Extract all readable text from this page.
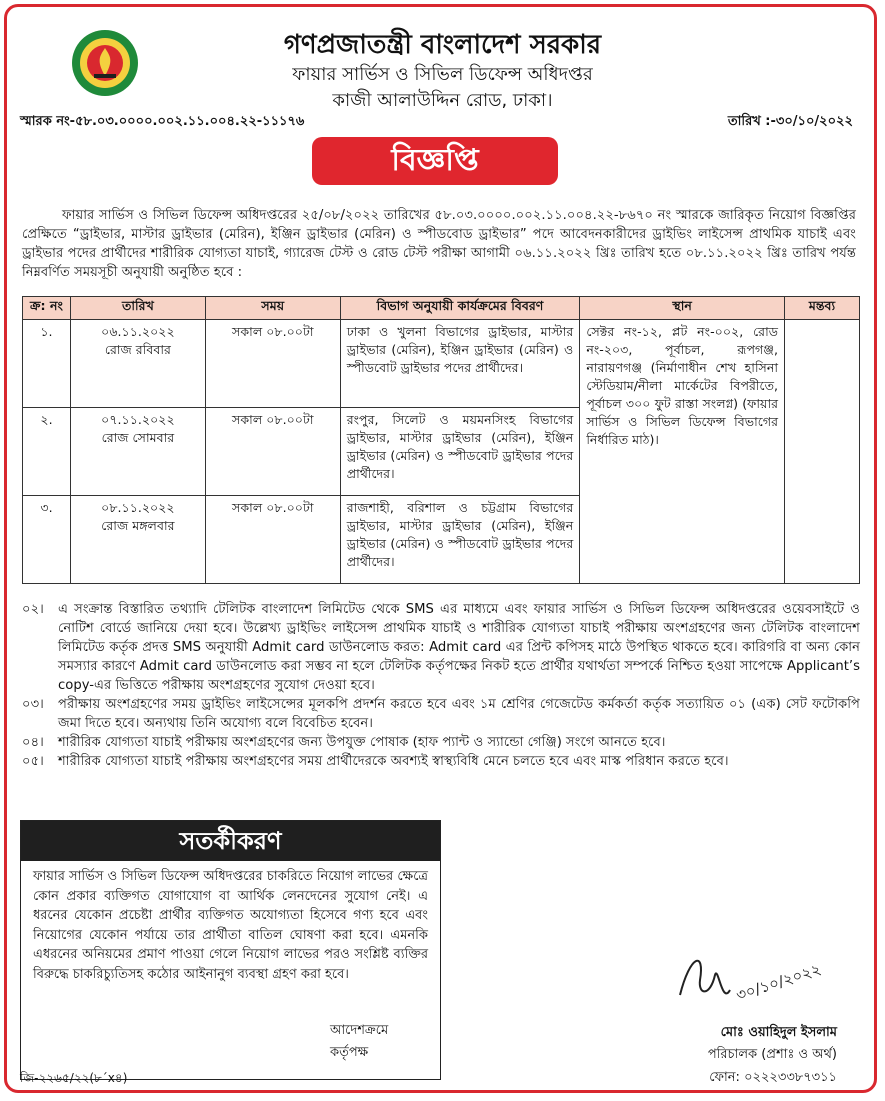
গণপ্রজাতন্ত্রী বাংলাদেশ সরকার
ফায়ার সার্ভিস ও সিভিল ডিফেন্স অধিদপ্তর
কাজী আলাউদ্দিন রোড, ঢাকা।
স্মারক নং-৫৮.০৩.০০০০.০০২.১১.০০৪.২২-১১১৭৬	তারিখ :-৩০/১০/২০২২
বিজ্ঞপ্তি
ফায়ার সার্ভিস ও সিভিল ডিফেন্স অধিদপ্তরের ২৫/০৮/২০২২ তারিখের ৫৮.০৩.০০০০.০০২.১১.০০৪.২২-৮৬৭০ নং স্মারকে জারিকৃত নিয়োগ বিজ্ঞপ্তির প্রেক্ষিতে “ড্রাইভার, মাস্টার ড্রাইভার (মেরিন), ইঞ্জিন ড্রাইভার (মেরিন) ও স্পীডবোড ড্রাইভার” পদে আবেদনকারীদের ড্রাইভিং লাইসেন্স প্রাথমিক যাচাই এবং ড্রাইভার পদের প্রার্থীদের শারীরিক যোগ্যতা যাচাই, গ্যারেজ টেস্ট ও রোড টেস্ট পরীক্ষা আগামী ০৬.১১.২০২২ খ্রিঃ তারিখ হতে ০৮.১১.২০২২ খ্রিঃ তারিখ পর্যন্ত নিম্নবর্ণিত সময়সূচী অনুযায়ী অনুষ্ঠিত হবে :
ক্র: নং	তারিখ	সময়	বিভাগ অনুযায়ী কার্যক্রমের বিবরণ	স্থান	মন্তব্য
১.	০৬.১১.২০২২
রোজ রবিবার	সকাল ০৮.০০টা	ঢাকা ও খুলনা বিভাগের ড্রাইভার, মাস্টার ড্রাইভার (মেরিন), ইঞ্জিন ড্রাইভার (মেরিন) ও স্পীডবোট ড্রাইভার পদের প্রার্থীদের।	সেক্টর নং-১২, প্লট নং-০০২, রোড নং-২০৩, পূর্বাচল, রূপগঞ্জ, নারায়ণগঞ্জ (নির্মাণাধীন শেখ হাসিনা স্টেডিয়াম/নীলা মার্কেটের বিপরীতে, পূর্বাচল ৩০০ ফুট রাস্তা সংলগ্ন) (ফায়ার সার্ভিস ও সিভিল ডিফেন্স বিভাগের নির্ধারিত মাঠ)।	
২.	০৭.১১.২০২২
রোজ সোমবার	সকাল ০৮.০০টা	রংপুর, সিলেট ও ময়মনসিংহ বিভাগের ড্রাইভার, মাস্টার ড্রাইভার (মেরিন), ইঞ্জিন ড্রাইভার (মেরিন) ও স্পীডবোট ড্রাইভার পদের প্রার্থীদের।		
৩.	০৮.১১.২০২২
রোজ মঙ্গলবার	সকাল ০৮.০০টা	রাজশাহী, বরিশাল ও চট্টগ্রাম বিভাগের ড্রাইভার, মাস্টার ড্রাইভার (মেরিন), ইঞ্জিন ড্রাইভার (মেরিন) ও স্পীডবোট ড্রাইভার পদের প্রার্থীদের।		
০২।	এ সংক্রান্ত বিস্তারিত তথ্যাদি টেলিটক বাংলাদেশ লিমিটেড থেকে SMS এর মাধ্যমে এবং ফায়ার সার্ভিস ও সিভিল ডিফেন্স অধিদপ্তরের ওয়েবসাইটে ও নোটিশ বোর্ডে জানিয়ে দেয়া হবে। উল্লেখ্য ড্রাইভিং লাইসেন্স প্রাথমিক যাচাই ও শারীরিক যোগ্যতা যাচাই পরীক্ষায় অংশগ্রহণের জন্য টেলিটক বাংলাদেশ লিমিটেড কর্তৃক প্রদত্ত SMS অনুযায়ী Admit card ডাউনলোড করত: Admit card এর প্রিন্ট কপিসহ মাঠে উপস্থিত থাকতে হবে। কারিগরি বা অন্য কোন সমস্যার কারণে Admit card ডাউনলোড করা সম্ভব না হলে টেলিটক কর্তৃপক্ষের নিকট হতে প্রার্থীর যথার্থতা সম্পর্কে নিশ্চিত হওয়া সাপেক্ষে Applicant’s copy-এর ভিত্তিতে পরীক্ষায় অংশগ্রহণের সুযোগ দেওয়া হবে।
০৩।	পরীক্ষায় অংশগ্রহণের সময় ড্রাইভিং লাইসেন্সের মূলকপি প্রদর্শন করতে হবে এবং ১ম শ্রেণির গেজেটেড কর্মকর্তা কর্তৃক সত্যায়িত ০১ (এক) সেট ফটোকপি জমা দিতে হবে। অন্যথায় তিনি অযোগ্য বলে বিবেচিত হবেন।
০৪।	শারীরিক যোগ্যতা যাচাই পরীক্ষায় অংশগ্রহণের জন্য উপযুক্ত পোষাক (হাফ প্যান্ট ও স্যান্ডো গেঞ্জি) সংগে আনতে হবে।
০৫।	শারীরিক যোগ্যতা যাচাই পরীক্ষায় অংশগ্রহণের সময় প্রার্থীদেরকে অবশ্যই স্বাস্থ্যবিধি মেনে চলতে হবে এবং মাস্ক পরিধান করতে হবে।
সতর্কীকরণ
ফায়ার সার্ভিস ও সিভিল ডিফেন্স অধিদপ্তরের চাকরিতে নিয়োগ লাভের ক্ষেত্রে কোন প্রকার ব্যক্তিগত যোগাযোগ বা আর্থিক লেনদেনের সুযোগ নেই। এ ধরনের যেকোন প্রচেষ্টা প্রার্থীর ব্যক্তিগত অযোগ্যতা হিসেবে গণ্য হবে এবং নিয়োগের যেকোন পর্যায়ে তার প্রার্থীতা বাতিল ঘোষণা করা হবে। এমনকি এধরনের অনিয়মের প্রমাণ পাওয়া গেলে নিয়োগ লাভের পরও সংশ্লিষ্ট ব্যক্তির বিরুদ্ধে চাকরিচ্যুতিসহ কঠোর আইনানুগ ব্যবস্থা গ্রহণ করা হবে।
আদেশক্রমে
কর্তৃপক্ষ
৩০/১০/২০২২
মোঃ ওয়াহিদুল ইসলাম
পরিচালক (প্রশাঃ ও অর্থ)
ফোন: ০২২২৩৩৮৭৩১১
জি-২২৬৫/২২(৮´x৪)
